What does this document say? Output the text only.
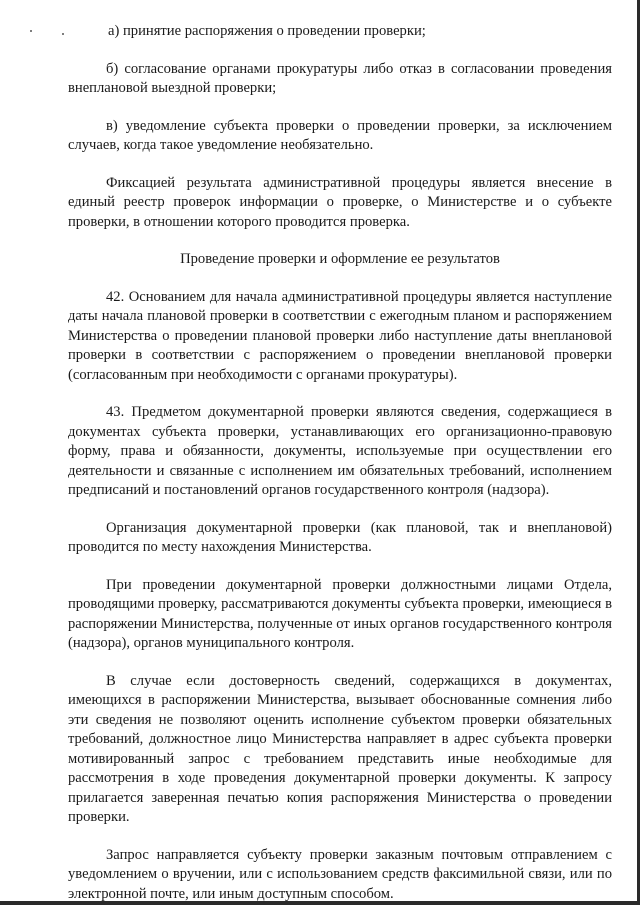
а) принятие распоряжения о проведении проверки;

б) согласование органами прокуратуры либо отказ в согласовании проведения внеплановой выездной проверки;

в) уведомление субъекта проверки о проведении проверки, за исключением случаев, когда такое уведомление необязательно.

Фиксацией результата административной процедуры является внесение в единый реестр проверок информации о проверке, о Министерстве и о субъекте проверки, в отношении которого проводится проверка.

Проведение проверки и оформление ее результатов

42. Основанием для начала административной процедуры является наступление даты начала плановой проверки в соответствии с ежегодным планом и распоряжением Министерства о проведении плановой проверки либо наступление даты внеплановой проверки в соответствии с распоряжением о проведении внеплановой проверки (согласованным при необходимости с органами прокуратуры).

43. Предметом документарной проверки являются сведения, содержащиеся в документах субъекта проверки, устанавливающих его организационно-правовую форму, права и обязанности, документы, используемые при осуществлении его деятельности и связанные с исполнением им обязательных требований, исполнением предписаний и постановлений органов государственного контроля (надзора).

Организация документарной проверки (как плановой, так и внеплановой) проводится по месту нахождения Министерства.

При проведении документарной проверки должностными лицами Отдела, проводящими проверку, рассматриваются документы субъекта проверки, имеющиеся в распоряжении Министерства, полученные от иных органов государственного контроля (надзора), органов муниципального контроля.

В случае если достоверность сведений, содержащихся в документах, имеющихся в распоряжении Министерства, вызывает обоснованные сомнения либо эти сведения не позволяют оценить исполнение субъектом проверки обязательных требований, должностное лицо Министерства направляет в адрес субъекта проверки мотивированный запрос с требованием представить иные необходимые для рассмотрения в ходе проведения документарной проверки документы. К запросу прилагается заверенная печатью копия распоряжения Министерства о проведении проверки.

Запрос направляется субъекту проверки заказным почтовым отправлением с уведомлением о вручении, или с использованием средств факсимильной связи, или по электронной почте, или иным доступным способом.
